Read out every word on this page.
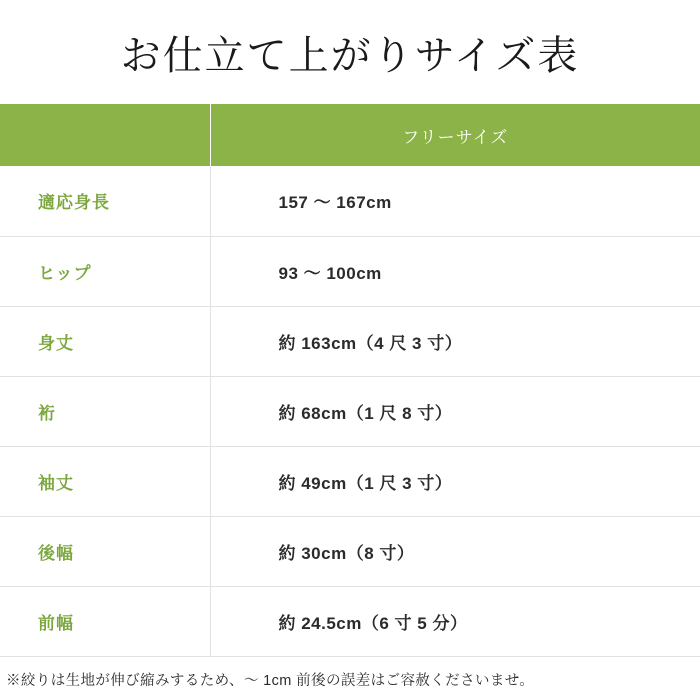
お仕立て上がりサイズ表
	フリーサイズ
適応身長	157 〜 167cm
ヒップ	93 〜 100cm
身丈	約 163cm（4 尺 3 寸）
裄	約 68cm（1 尺 8 寸）
袖丈	約 49cm（1 尺 3 寸）
後幅	約 30cm（8 寸）
前幅	約 24.5cm（6 寸 5 分）
※絞りは生地が伸び縮みするため、〜 1cm 前後の誤差はご容赦くださいませ。
